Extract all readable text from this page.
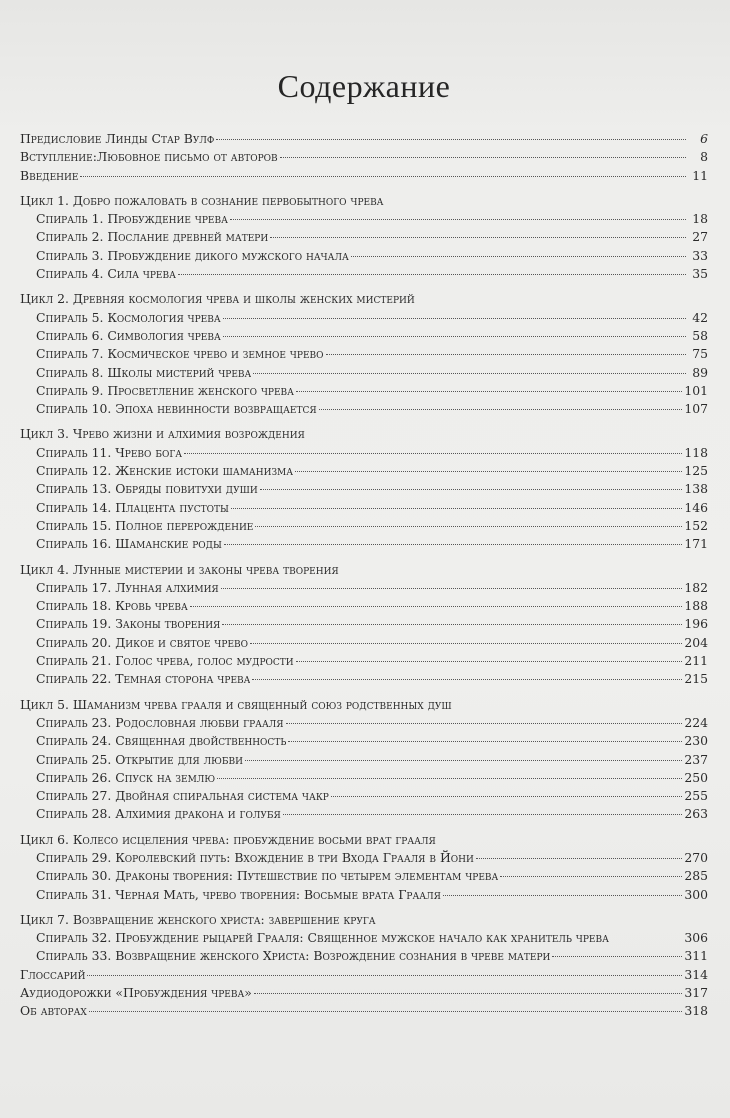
Содержание
Предисловие Линды Стар Вулф	6
Вступление:Любовное письмо от авторов	8
Введение	11
Цикл 1. Добро пожаловать в сознание первобытного чрева
Спираль 1. Пробуждение чрева	18
Спираль 2. Послание древней матери	27
Спираль 3. Пробуждение дикого мужского начала	33
Спираль 4. Сила чрева	35
Цикл 2. Древняя космология чрева и школы женских мистерий
Спираль 5. Космология чрева	42
Спираль 6. Симвология чрева	58
Спираль 7. Космическое чрево и земное чрево	75
Спираль 8. Школы мистерий чрева	89
Спираль 9. Просветление женского чрева	101
Спираль 10. Эпоха невинности возвращается	107
Цикл 3. Чрево жизни и алхимия возрождения
Спираль 11. Чрево бога	118
Спираль 12. Женские истоки шаманизма	125
Спираль 13. Обряды повитухи души	138
Спираль 14. Плацента пустоты	146
Спираль 15. Полное перерождение	152
Спираль 16. Шаманские роды	171
Цикл 4. Лунные мистерии и законы чрева творения
Спираль 17. Лунная алхимия	182
Спираль 18. Кровь чрева	188
Спираль 19. Законы творения	196
Спираль 20. Дикое и святое чрево	204
Спираль 21. Голос чрева, голос мудрости	211
Спираль 22. Темная сторона чрева	215
Цикл 5. Шаманизм чрева грааля и священный союз родственных душ
Спираль 23. Родословная любви грааля	224
Спираль 24. Священная двойственность	230
Спираль 25. Открытие для любви	237
Спираль 26. Спуск на землю	250
Спираль 27. Двойная спиральная система чакр	255
Спираль 28. Алхимия дракона и голубя	263
Цикл 6. Колесо исцеления чрева: пробуждение восьми врат грааля
Спираль 29. Королевский путь: Вхождение в три Входа Грааля в Йони	270
Спираль 30. Драконы творения: Путешествие по четырем элементам чрева	285
Спираль 31. Черная Мать, чрево творения: Восьмые врата Грааля	300
Цикл 7. Возвращение женского христа: завершение круга
Спираль 32. Пробуждение рыцарей Грааля: Священное мужское начало как хранитель чрева	306
Спираль 33. Возвращение женского Христа: Возрождение сознания в чреве матери	311
Глоссарий	314
Аудиодорожки «Пробуждения чрева»	317
Об авторах	318
